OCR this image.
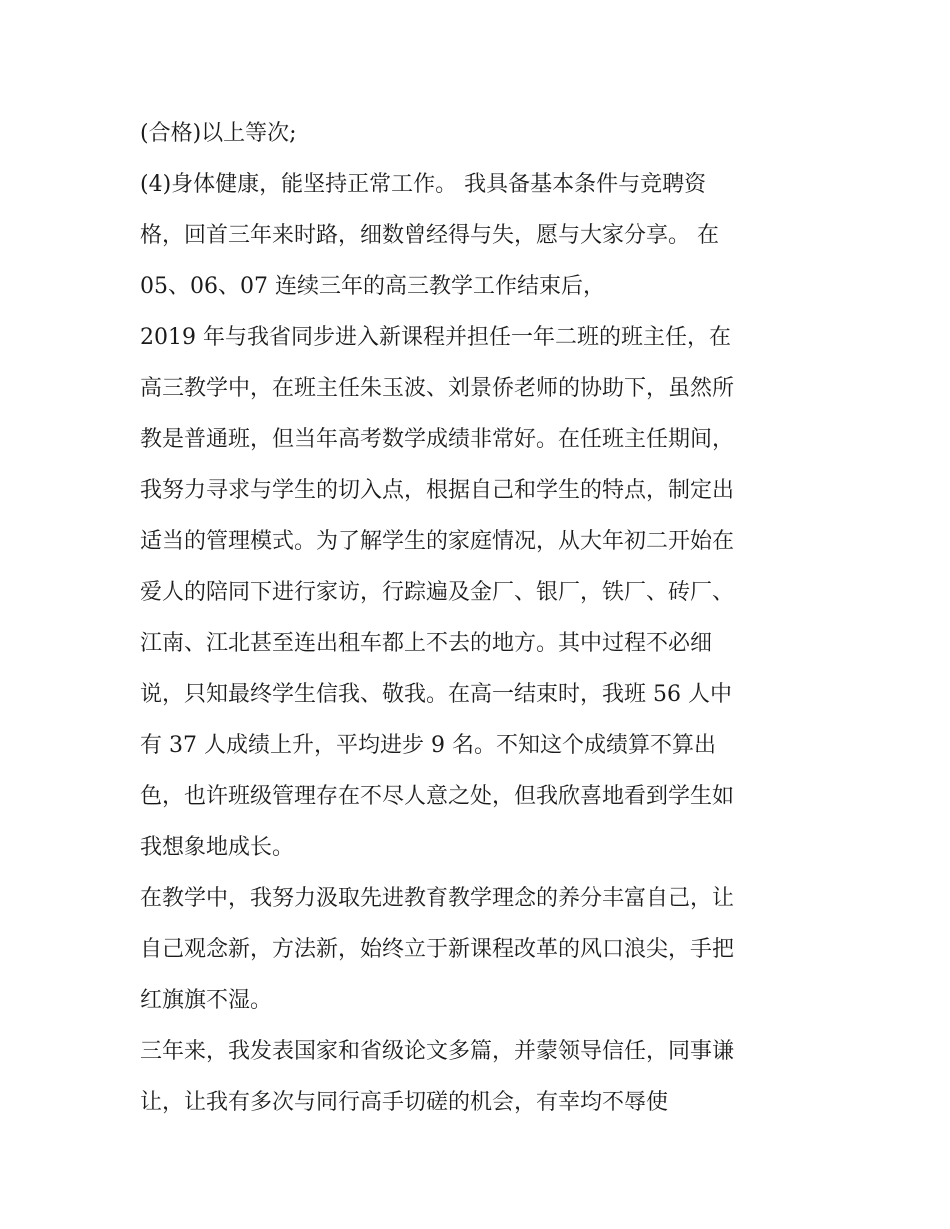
(合格)以上等次;
(4)身体健康，能坚持正常工作。 我具备基本条件与竞聘资
格，回首三年来时路，细数曾经得与失，愿与大家分享。 在
05、06、07 连续三年的高三教学工作结束后，
2019 年与我省同步进入新课程并担任一年二班的班主任，在
高三教学中，在班主任朱玉波、刘景侨老师的协助下，虽然所
教是普通班，但当年高考数学成绩非常好。在任班主任期间，
我努力寻求与学生的切入点，根据自己和学生的特点，制定出
适当的管理模式。为了解学生的家庭情况，从大年初二开始在
爱人的陪同下进行家访，行踪遍及金厂、银厂，铁厂、砖厂、
江南、江北甚至连出租车都上不去的地方。其中过程不必细
说，只知最终学生信我、敬我。在高一结束时，我班 56 人中
有 37 人成绩上升，平均进步 9 名。不知这个成绩算不算出
色，也许班级管理存在不尽人意之处，但我欣喜地看到学生如
我想象地成长。
在教学中，我努力汲取先进教育教学理念的养分丰富自己，让
自己观念新，方法新，始终立于新课程改革的风口浪尖，手把
红旗旗不湿。
三年来，我发表国家和省级论文多篇，并蒙领导信任，同事谦
让，让我有多次与同行高手切磋的机会，有幸均不辱使
